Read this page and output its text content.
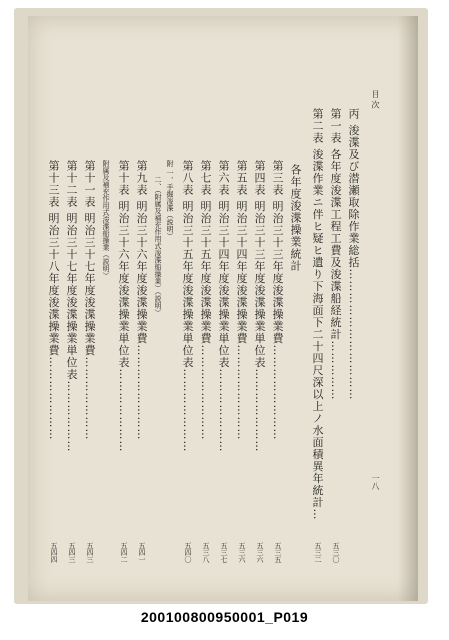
目 次
一八
丙 浚渫及び潜瀬取除作業総括……………………………
第一表 各年度浚渫工程工費及浚渫船経統計……………
五三〇
第二表 浚渫作業ニ伴ヒ疑ヒ遺り下海面下二十四尺深以上ノ水面積異年統計…
五三二
各年度浚渫操業統計
第三表 明治三十三年度浚渫操業費……………………
五三五
第四表 明治三十三年度浚渫操業単位表…………………
五三六
第五表 明治三十四年度浚渫操業費……………………
五三六
第六表 明治三十四年度浚渫操業単位表…………………
五三七
第七表 明治三十五年度浚渫操業費……………………
五三八
第八表 明治三十五年度浚渫操業単位表…………………
五四〇
附 一、手掘浚渫（説明）
二、（附属及補充作用式浚渫船操業）（説明）
第九表 明治三十六年度浚渫操業費……………………
五四一
第十表 明治三十六年度浚渫操業単位表…………………
五四二
附属及補充作用式浚渫船操業（説明）
第十一表 明治三十七年度浚渫操業費…………………
五四三
第十二表 明治三十七年度浚渫操業単位表………………
五四三
第十三表 明治三十八年度浚渫操業費…………………
五四四
200100800950001_P019
